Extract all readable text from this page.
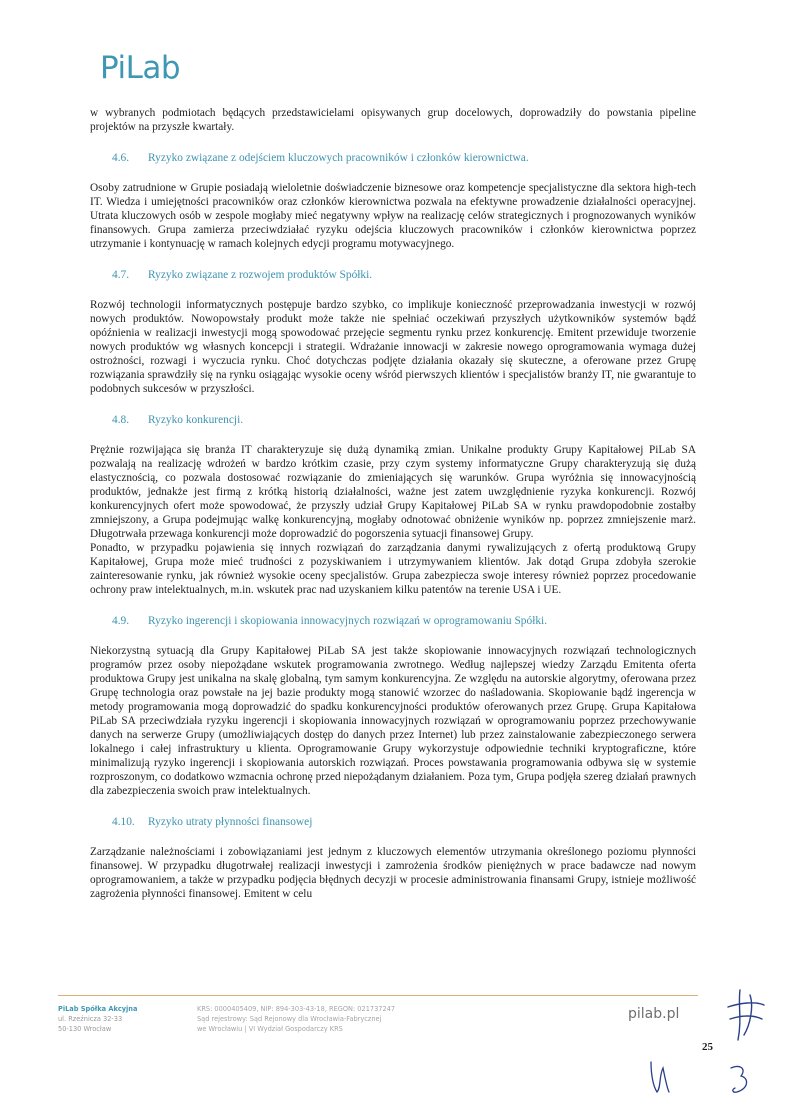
PiLab

w wybranych podmiotach będących przedstawicielami opisywanych grup docelowych, doprowadziły do powstania pipeline projektów na przyszłe kwartały.

4.6. Ryzyko związane z odejściem kluczowych pracowników i członków kierownictwa.

Osoby zatrudnione w Grupie posiadają wieloletnie doświadczenie biznesowe oraz kompetencje specjalistyczne dla sektora high-tech IT. Wiedza i umiejętności pracowników oraz członków kierownictwa pozwala na efektywne prowadzenie działalności operacyjnej. Utrata kluczowych osób w zespole mogłaby mieć negatywny wpływ na realizację celów strategicznych i prognozowanych wyników finansowych. Grupa zamierza przeciwdziałać ryzyku odejścia kluczowych pracowników i członków kierownictwa poprzez utrzymanie i kontynuację w ramach kolejnych edycji programu motywacyjnego.

4.7. Ryzyko związane z rozwojem produktów Spółki.

Rozwój technologii informatycznych postępuje bardzo szybko, co implikuje konieczność przeprowadzania inwestycji w rozwój nowych produktów. Nowopowstały produkt może także nie spełniać oczekiwań przyszłych użytkowników systemów bądź opóźnienia w realizacji inwestycji mogą spowodować przejęcie segmentu rynku przez konkurencję. Emitent przewiduje tworzenie nowych produktów wg własnych koncepcji i strategii. Wdrażanie innowacji w zakresie nowego oprogramowania wymaga dużej ostrożności, rozwagi i wyczucia rynku. Choć dotychczas podjęte działania okazały się skuteczne, a oferowane przez Grupę rozwiązania sprawdziły się na rynku osiągając wysokie oceny wśród pierwszych klientów i specjalistów branży IT, nie gwarantuje to podobnych sukcesów w przyszłości.

4.8. Ryzyko konkurencji.

Prężnie rozwijająca się branża IT charakteryzuje się dużą dynamiką zmian. Unikalne produkty Grupy Kapitałowej PiLab SA pozwalają na realizację wdrożeń w bardzo krótkim czasie, przy czym systemy informatyczne Grupy charakteryzują się dużą elastycznością, co pozwala dostosować rozwiązanie do zmieniających się warunków. Grupa wyróżnia się innowacyjnością produktów, jednakże jest firmą z krótką historią działalności, ważne jest zatem uwzględnienie ryzyka konkurencji. Rozwój konkurencyjnych ofert może spowodować, że przyszły udział Grupy Kapitałowej PiLab SA w rynku prawdopodobnie zostałby zmniejszony, a Grupa podejmując walkę konkurencyjną, mogłaby odnotować obniżenie wyników np. poprzez zmniejszenie marż. Długotrwała przewaga konkurencji może doprowadzić do pogorszenia sytuacji finansowej Grupy.

Ponadto, w przypadku pojawienia się innych rozwiązań do zarządzania danymi rywalizujących z ofertą produktową Grupy Kapitałowej, Grupa może mieć trudności z pozyskiwaniem i utrzymywaniem klientów. Jak dotąd Grupa zdobyła szerokie zainteresowanie rynku, jak również wysokie oceny specjalistów. Grupa zabezpiecza swoje interesy również poprzez procedowanie ochrony praw intelektualnych, m.in. wskutek prac nad uzyskaniem kilku patentów na terenie USA i UE.

4.9. Ryzyko ingerencji i skopiowania innowacyjnych rozwiązań w oprogramowaniu Spółki.

Niekorzystną sytuacją dla Grupy Kapitałowej PiLab SA jest także skopiowanie innowacyjnych rozwiązań technologicznych programów przez osoby niepożądane wskutek programowania zwrotnego. Według najlepszej wiedzy Zarządu Emitenta oferta produktowa Grupy jest unikalna na skalę globalną, tym samym konkurencyjna. Ze względu na autorskie algorytmy, oferowana przez Grupę technologia oraz powstałe na jej bazie produkty mogą stanowić wzorzec do naśladowania. Skopiowanie bądź ingerencja w metody programowania mogą doprowadzić do spadku konkurencyjności produktów oferowanych przez Grupę. Grupa Kapitałowa PiLab SA przeciwdziała ryzyku ingerencji i skopiowania innowacyjnych rozwiązań w oprogramowaniu poprzez przechowywanie danych na serwerze Grupy (umożliwiających dostęp do danych przez Internet) lub przez zainstalowanie zabezpieczonego serwera lokalnego i całej infrastruktury u klienta. Oprogramowanie Grupy wykorzystuje odpowiednie techniki kryptograficzne, które minimalizują ryzyko ingerencji i skopiowania autorskich rozwiązań. Proces powstawania programowania odbywa się w systemie rozproszonym, co dodatkowo wzmacnia ochronę przed niepożądanym działaniem. Poza tym, Grupa podjęła szereg działań prawnych dla zabezpieczenia swoich praw intelektualnych.

4.10. Ryzyko utraty płynności finansowej

Zarządzanie należnościami i zobowiązaniami jest jednym z kluczowych elementów utrzymania określonego poziomu płynności finansowej. W przypadku długotrwałej realizacji inwestycji i zamrożenia środków pieniężnych w prace badawcze nad nowym oprogramowaniem, a także w przypadku podjęcia błędnych decyzji w procesie administrowania finansami Grupy, istnieje możliwość zagrożenia płynności finansowej. Emitent w celu

PiLab Spółka Akcyjna
ul. Rzeźnicza 32-33
50-130 Wrocław
KRS: 0000405409, NIP: 894-303-43-18, REGON: 021737247
Sąd rejestrowy: Sąd Rejonowy dla Wrocławia-Fabrycznej
we Wrocławiu | VI Wydział Gospodarczy KRS
pilab.pl
25
